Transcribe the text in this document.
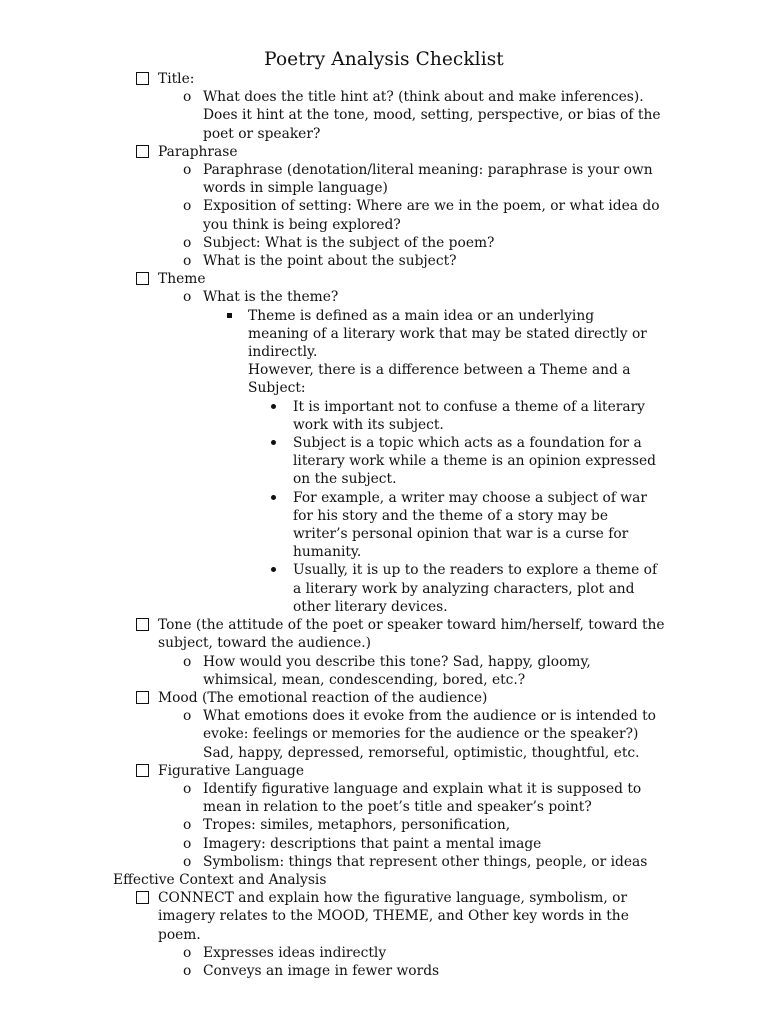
Poetry Analysis Checklist
Title:
o What does the title hint at? (think about and make inferences). Does it hint at the tone, mood, setting, perspective, or bias of the poet or speaker?
Paraphrase
o Paraphrase (denotation/literal meaning: paraphrase is your own words in simple language)
o Exposition of setting: Where are we in the poem, or what idea do you think is being explored?
o Subject: What is the subject of the poem?
o What is the point about the subject?
Theme
o What is the theme?
Theme is defined as a main idea or an underlying meaning of a literary work that may be stated directly or indirectly.
However, there is a difference between a Theme and a Subject:
It is important not to confuse a theme of a literary work with its subject.
Subject is a topic which acts as a foundation for a literary work while a theme is an opinion expressed on the subject.
For example, a writer may choose a subject of war for his story and the theme of a story may be writer’s personal opinion that war is a curse for humanity.
Usually, it is up to the readers to explore a theme of a literary work by analyzing characters, plot and other literary devices.
Tone (the attitude of the poet or speaker toward him/herself, toward the subject, toward the audience.)
o How would you describe this tone? Sad, happy, gloomy, whimsical, mean, condescending, bored, etc.?
Mood (The emotional reaction of the audience)
o What emotions does it evoke from the audience or is intended to evoke: feelings or memories for the audience or the speaker?) Sad, happy, depressed, remorseful, optimistic, thoughtful, etc.
Figurative Language
o Identify figurative language and explain what it is supposed to mean in relation to the poet’s title and speaker’s point?
o Tropes: similes, metaphors, personification,
o Imagery: descriptions that paint a mental image
o Symbolism: things that represent other things, people, or ideas
Effective Context and Analysis
CONNECT and explain how the figurative language, symbolism, or imagery relates to the MOOD, THEME, and Other key words in the poem.
o Expresses ideas indirectly
o Conveys an image in fewer words
